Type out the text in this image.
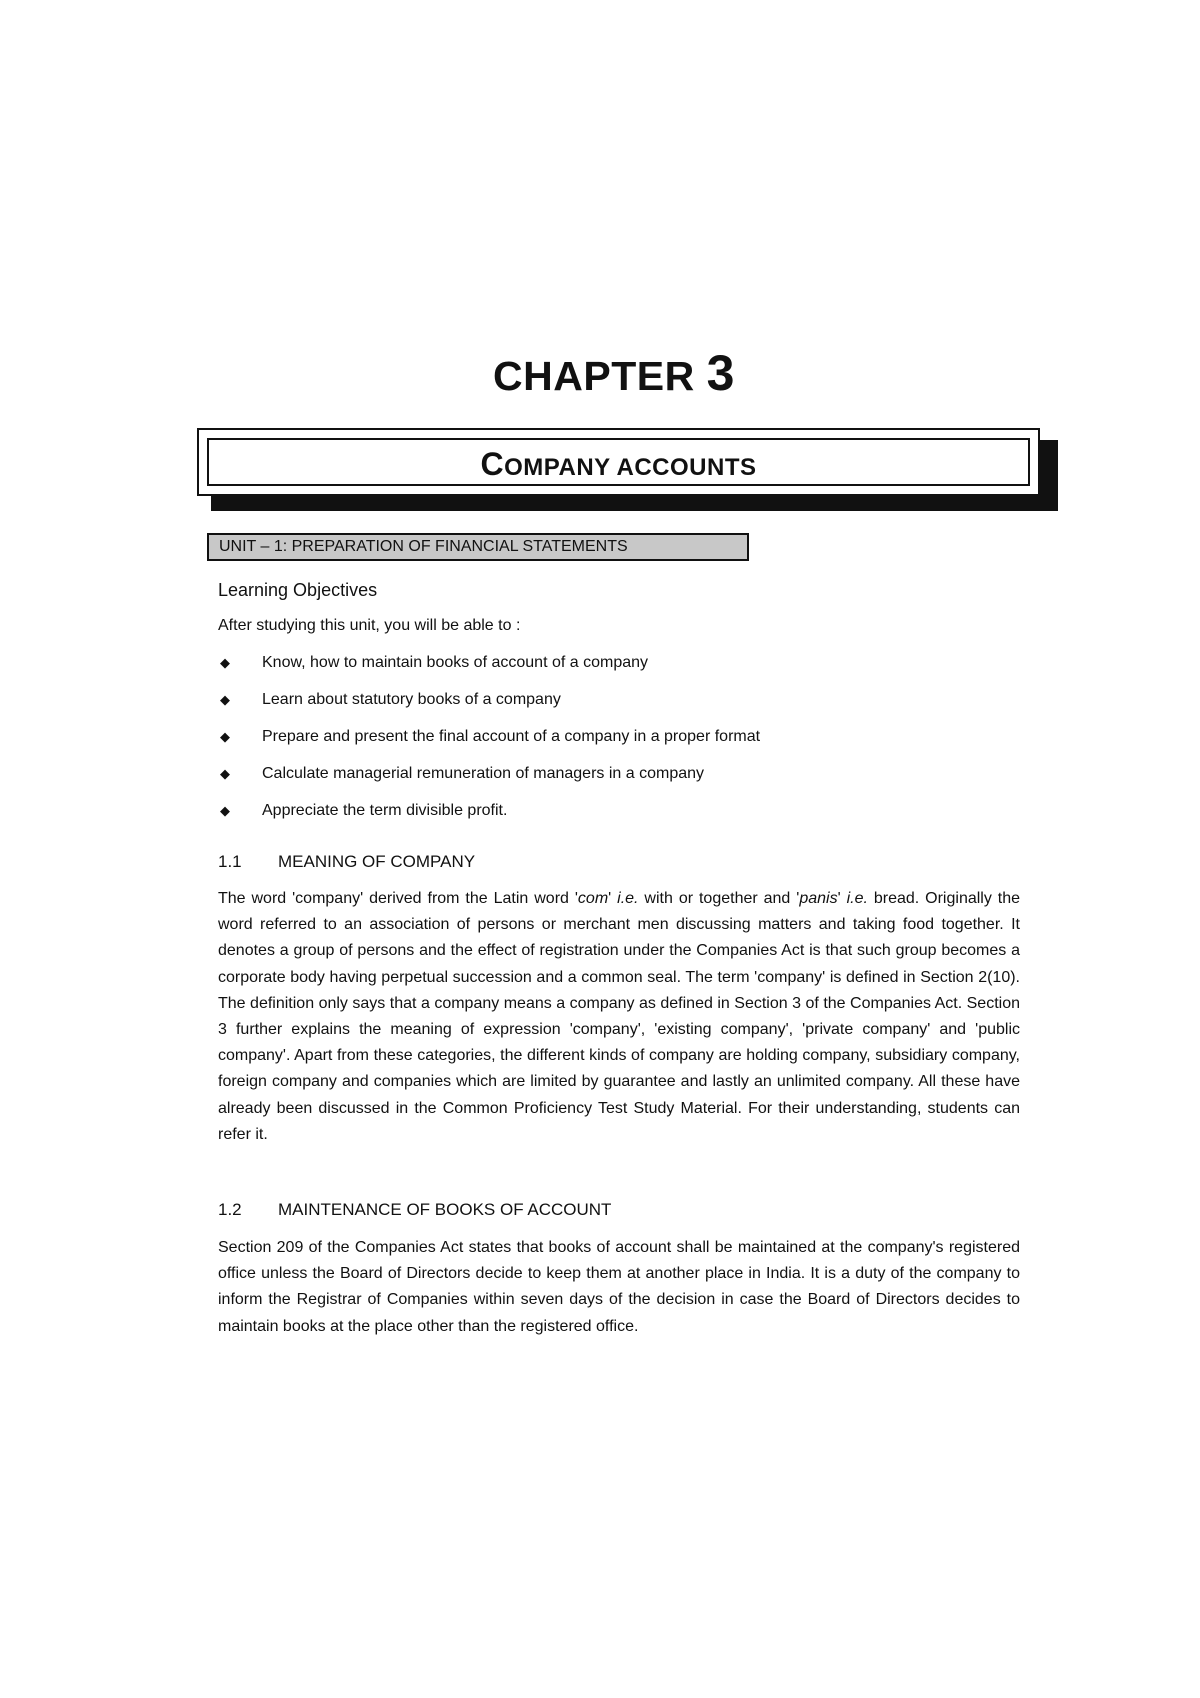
CHAPTER 3
COMPANY ACCOUNTS
UNIT – 1: PREPARATION OF FINANCIAL STATEMENTS
Learning Objectives
After studying this unit, you will be able to :
◆ Know, how to maintain books of account of a company
◆ Learn about statutory books of a company
◆ Prepare and present the final account of a company in a proper format
◆ Calculate managerial remuneration of managers in a company
◆ Appreciate the term divisible profit.
1.1 MEANING OF COMPANY

The word 'company' derived from the Latin word 'com' i.e. with or together and 'panis' i.e. bread. Originally the word referred to an association of persons or merchant men discussing matters and taking food together. It denotes a group of persons and the effect of registration under the Companies Act is that such group becomes a corporate body having perpetual succession and a common seal. The term 'company' is defined in Section 2(10). The definition only says that a company means a company as defined in Section 3 of the Companies Act. Section 3 further explains the meaning of expression 'company', 'existing company', 'private company' and 'public company'. Apart from these categories, the different kinds of company are holding company, subsidiary company, foreign company and companies which are limited by guarantee and lastly an unlimited company. All these have already been discussed in the Common Proficiency Test Study Material. For their understanding, students can refer it.

1.2 MAINTENANCE OF BOOKS OF ACCOUNT

Section 209 of the Companies Act states that books of account shall be maintained at the company's registered office unless the Board of Directors decide to keep them at another place in India. It is a duty of the company to inform the Registrar of Companies within seven days of the decision in case the Board of Directors decides to maintain books at the place other than the registered office.
